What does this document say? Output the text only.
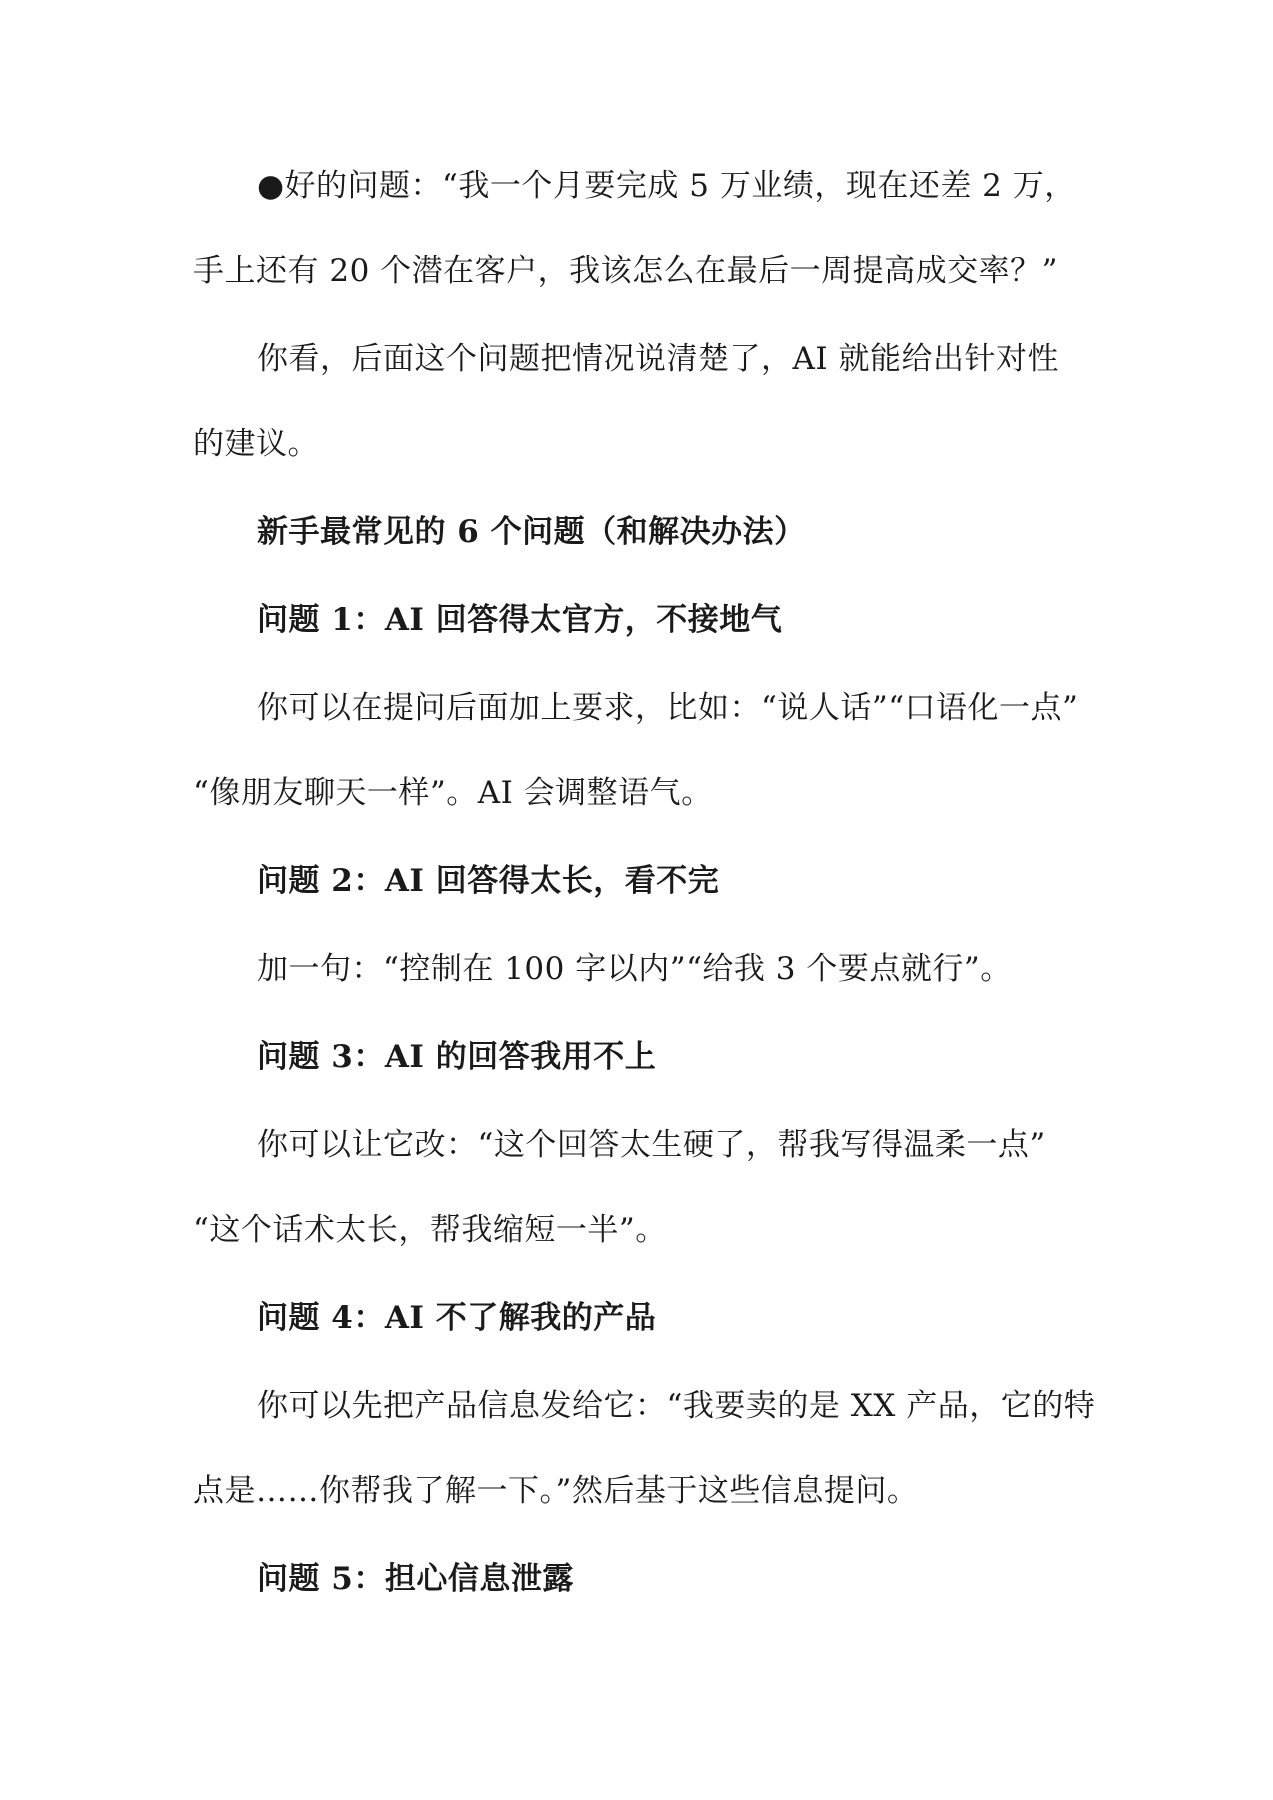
●好的问题：“我一个月要完成 5 万业绩，现在还差 2 万，

手上还有 20 个潜在客户，我该怎么在最后一周提高成交率？”

你看，后面这个问题把情况说清楚了，AI 就能给出针对性

的建议。

新手最常见的 6 个问题（和解决办法）

问题 1：AI 回答得太官方，不接地气

你可以在提问后面加上要求，比如：“说人话”“口语化一点”

“像朋友聊天一样”。AI 会调整语气。

问题 2：AI 回答得太长，看不完

加一句：“控制在 100 字以内”“给我 3 个要点就行”。

问题 3：AI 的回答我用不上

你可以让它改：“这个回答太生硬了，帮我写得温柔一点”

“这个话术太长，帮我缩短一半”。

问题 4：AI 不了解我的产品

你可以先把产品信息发给它：“我要卖的是 XX 产品，它的特

点是……你帮我了解一下。”然后基于这些信息提问。

问题 5：担心信息泄露
